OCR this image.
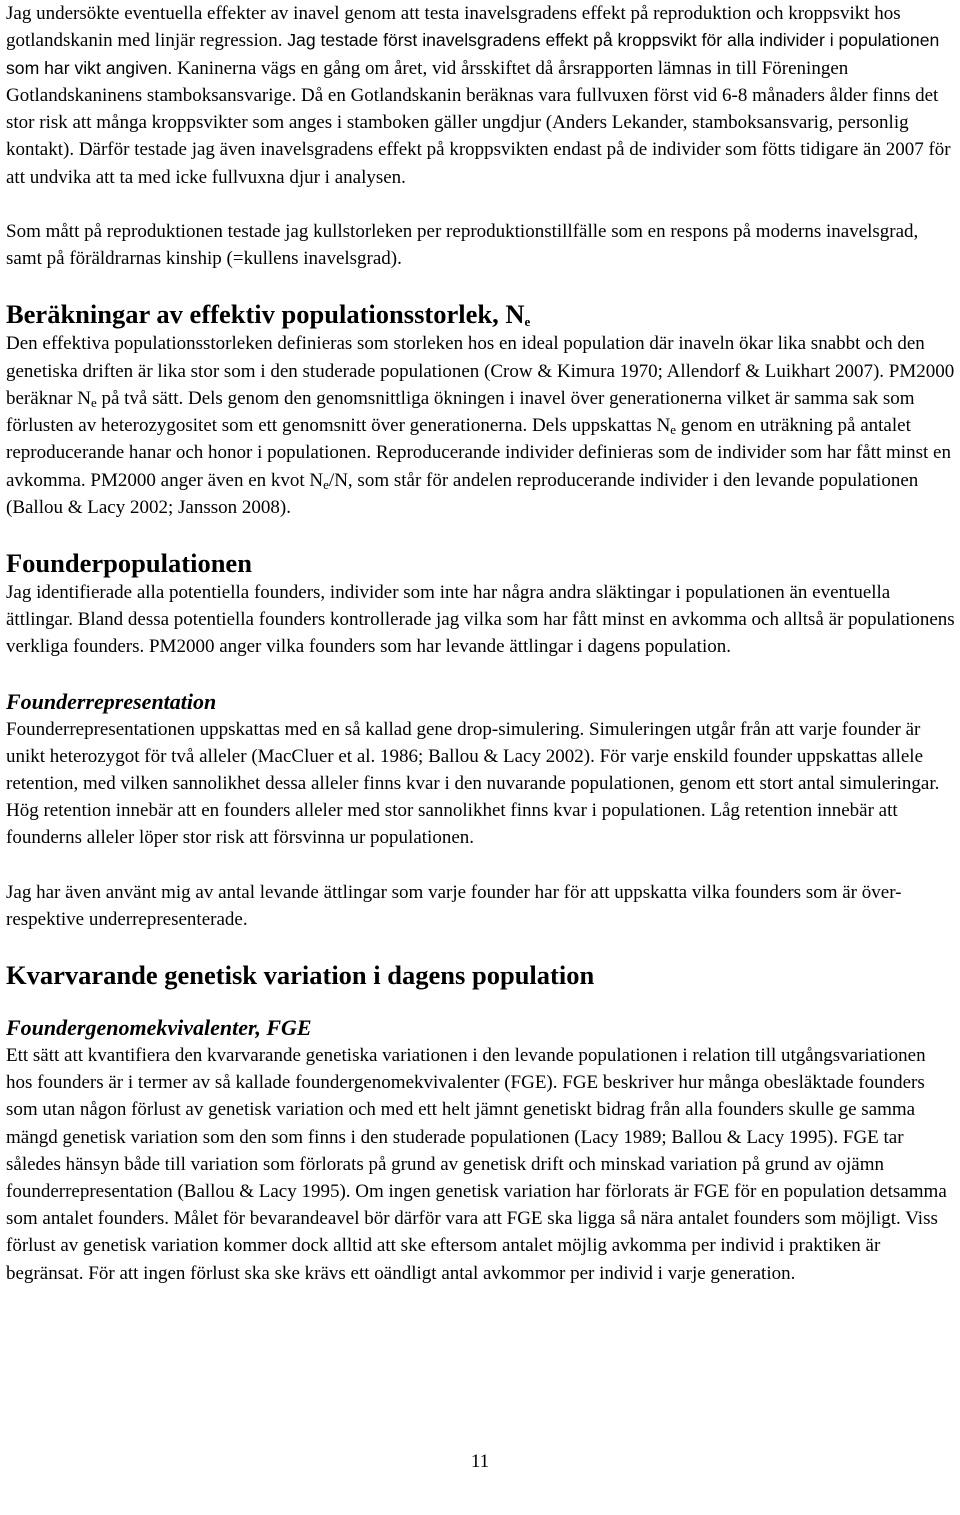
Jag undersökte eventuella effekter av inavel genom att testa inavelsgradens effekt på reproduktion och kroppsvikt hos gotlandskanin med linjär regression. Jag testade först inavelsgradens effekt på kroppsvikt för alla individer i populationen som har vikt angiven. Kaninerna vägs en gång om året, vid årsskiftet då årsrapporten lämnas in till Föreningen Gotlandskaninens stamboksansvarige. Då en Gotlandskanin beräknas vara fullvuxen först vid 6-8 månaders ålder finns det stor risk att många kroppsvikter som anges i stamboken gäller ungdjur (Anders Lekander, stamboksansvarig, personlig kontakt). Därför testade jag även inavelsgradens effekt på kroppsvikten endast på de individer som fötts tidigare än 2007 för att undvika att ta med icke fullvuxna djur i analysen.

Som mått på reproduktionen testade jag kullstorleken per reproduktionstillfälle som en respons på moderns inavelsgrad, samt på föräldrarnas kinship (=kullens inavelsgrad).

Beräkningar av effektiv populationsstorlek, $N_e$

Den effektiva populationsstorleken definieras som storleken hos en ideal population där inaveln ökar lika snabbt och den genetiska driften är lika stor som i den studerade populationen (Crow & Kimura 1970; Allendorf & Luikhart 2007). PM2000 beräknar $N_e$ på två sätt. Dels genom den genomsnittliga ökningen i inavel över generationerna vilket är samma sak som förlusten av heterozygositet som ett genomsnitt över generationerna. Dels uppskattas $N_e$ genom en uträkning på antalet reproducerande hanar och honor i populationen. Reproducerande individer definieras som de individer som har fått minst en avkomma. PM2000 anger även en kvot $N_e/N$, som står för andelen reproducerande individer i den levande populationen (Ballou & Lacy 2002; Jansson 2008).

Founderpopulationen

Jag identifierade alla potentiella founders, individer som inte har några andra släktingar i populationen än eventuella ättlingar. Bland dessa potentiella founders kontrollerade jag vilka som har fått minst en avkomma och alltså är populationens verkliga founders. PM2000 anger vilka founders som har levande ättlingar i dagens population.

Founderrepresentation

Founderrepresentationen uppskattas med en så kallad gene drop-simulering. Simuleringen utgår från att varje founder är unikt heterozygot för två alleler (MacCluer et al. 1986; Ballou & Lacy 2002). För varje enskild founder uppskattas allele retention, med vilken sannolikhet dessa alleler finns kvar i den nuvarande populationen, genom ett stort antal simuleringar. Hög retention innebär att en founders alleler med stor sannolikhet finns kvar i populationen. Låg retention innebär att founderns alleler löper stor risk att försvinna ur populationen.

Jag har även använt mig av antal levande ättlingar som varje founder har för att uppskatta vilka founders som är över- respektive underrepresenterade.

Kvarvarande genetisk variation i dagens population
Foundergenomekvivalenter, FGE

Ett sätt att kvantifiera den kvarvarande genetiska variationen i den levande populationen i relation till utgångsvariationen hos founders är i termer av så kallade foundergenomekvivalenter (FGE). FGE beskriver hur många obesläktade founders som utan någon förlust av genetisk variation och med ett helt jämnt genetiskt bidrag från alla founders skulle ge samma mängd genetisk variation som den som finns i den studerade populationen (Lacy 1989; Ballou & Lacy 1995). FGE tar således hänsyn både till variation som förlorats på grund av genetisk drift och minskad variation på grund av ojämn founderrepresentation (Ballou & Lacy 1995). Om ingen genetisk variation har förlorats är FGE för en population detsamma som antalet founders. Målet för bevarandeavel bör därför vara att FGE ska ligga så nära antalet founders som möjligt. Viss förlust av genetisk variation kommer dock alltid att ske eftersom antalet möjlig avkomma per individ i praktiken är begränsat. För att ingen förlust ska ske krävs ett oändligt antal avkommor per individ i varje generation.

11
